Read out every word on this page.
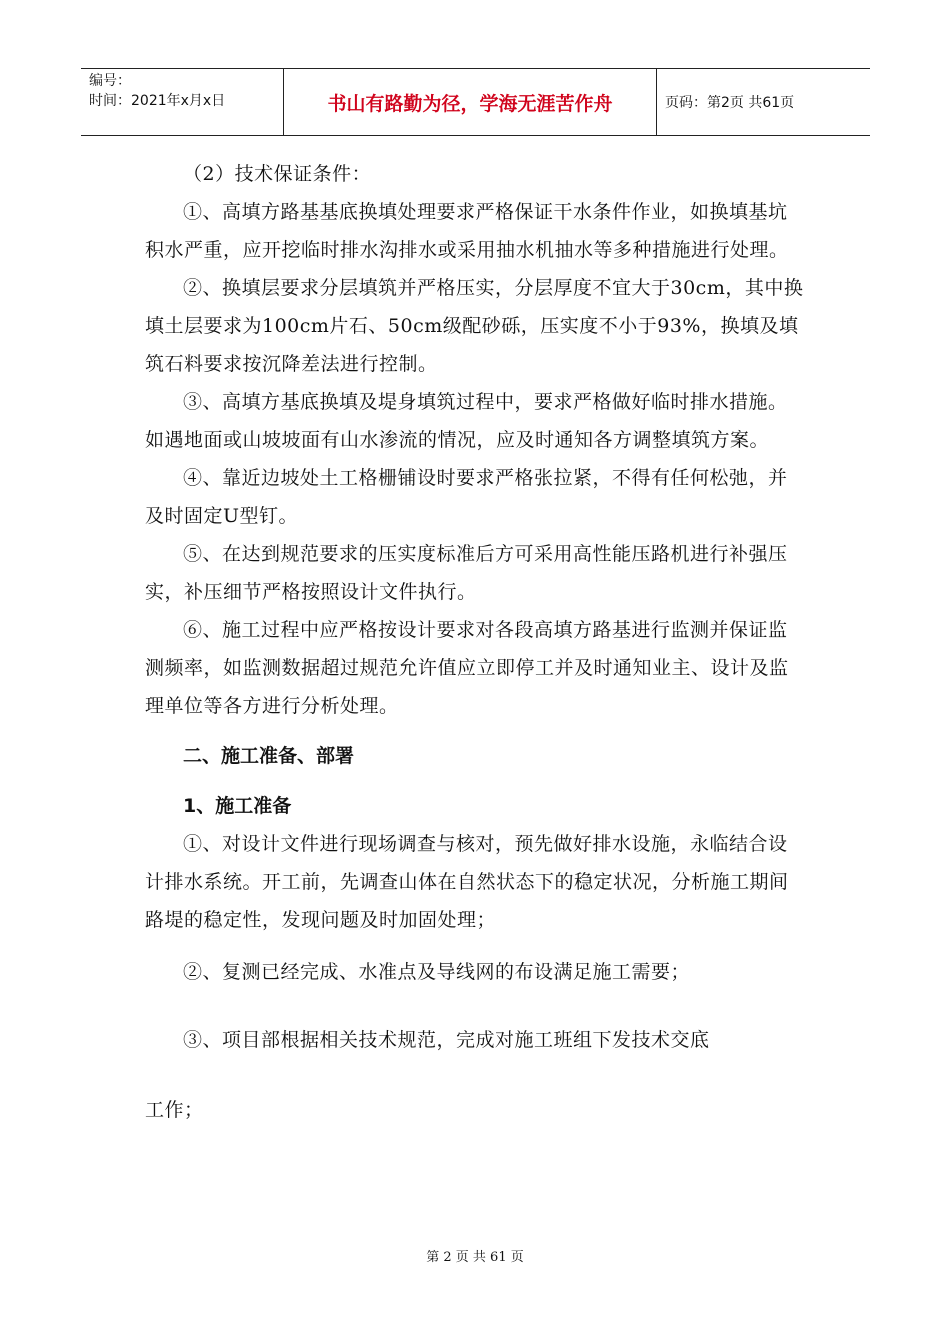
编号：
时间：2021年x月x日	书山有路勤为径，学海无涯苦作舟	页码：第2页 共61页

（2）技术保证条件：

①、高填方路基基底换填处理要求严格保证干水条件作业，如换填基坑积水严重，应开挖临时排水沟排水或采用抽水机抽水等多种措施进行处理。

②、换填层要求分层填筑并严格压实，分层厚度不宜大于30cm，其中换填土层要求为100cm片石、50cm级配砂砾，压实度不小于93%，换填及填筑石料要求按沉降差法进行控制。

③、高填方基底换填及堤身填筑过程中，要求严格做好临时排水措施。如遇地面或山坡坡面有山水渗流的情况，应及时通知各方调整填筑方案。

④、靠近边坡处土工格栅铺设时要求严格张拉紧，不得有任何松弛，并及时固定U型钉。

⑤、在达到规范要求的压实度标准后方可采用高性能压路机进行补强压实，补压细节严格按照设计文件执行。

⑥、施工过程中应严格按设计要求对各段高填方路基进行监测并保证监测频率，如监测数据超过规范允许值应立即停工并及时通知业主、设计及监理单位等各方进行分析处理。

二、施工准备、部署

1、施工准备

①、对设计文件进行现场调查与核对，预先做好排水设施，永临结合设计排水系统。开工前，先调查山体在自然状态下的稳定状况，分析施工期间路堤的稳定性，发现问题及时加固处理；

②、复测已经完成、水准点及导线网的布设满足施工需要；

③、项目部根据相关技术规范，完成对施工班组下发技术交底

工作；

第 2 页 共 61 页
